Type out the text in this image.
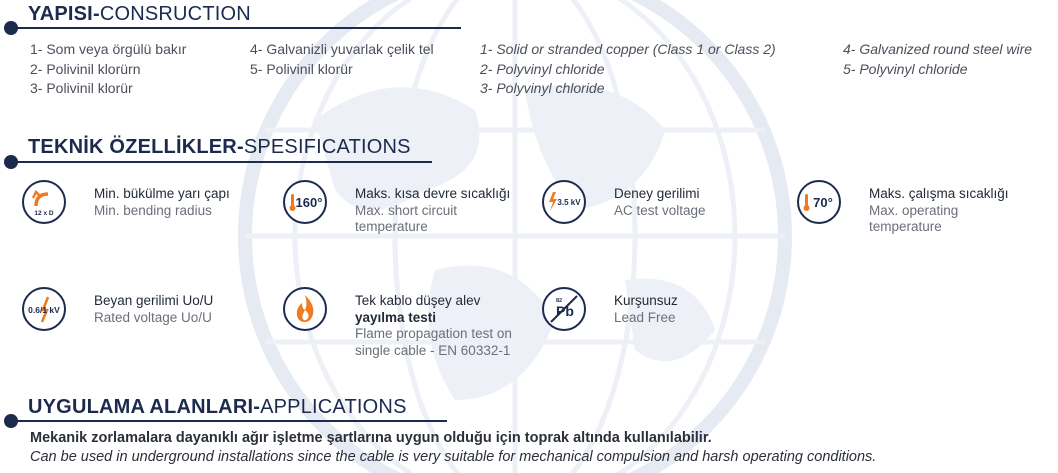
YAPISI-CONSRUCTION
1- Som veya örgülü bakır
2- Polivinil klorürn
3- Polivinil klorür
4- Galvanizli yuvarlak çelik tel
5- Polivinil klorür
1- Solid or stranded copper (Class 1 or Class 2)
2- Polyvinyl chloride
3- Polyvinyl chloride
4- Galvanized round steel wire
5- Polyvinyl chloride
TEKNİK ÖZELLİKLER-SPESIFICATIONS
12 x D
Min. bükülme yarı çapı
Min. bending radius	160°
Maks. kısa devre sıcaklığı
Max. short circuit
temperature
3.5 kV
Deney gerilimi
AC test voltage	70°
Maks. çalışma sıcaklığı
Max. operating
temperature
0.6/1 kV
Beyan gerilimi Uo/U
Rated voltage Uo/U
Tek kablo düşey alev
yayılma testi
Flame propagation test on
single cable - EN 60332-1
82
Pb
Kurşunsuz
Lead Free
UYGULAMA ALANLARI-APPLICATIONS
Mekanik zorlamalara dayanıklı ağır işletme şartlarına uygun olduğu için toprak altında kullanılabilir.
Can be used in underground installations since the cable is very suitable for mechanical compulsion and harsh operating conditions.
